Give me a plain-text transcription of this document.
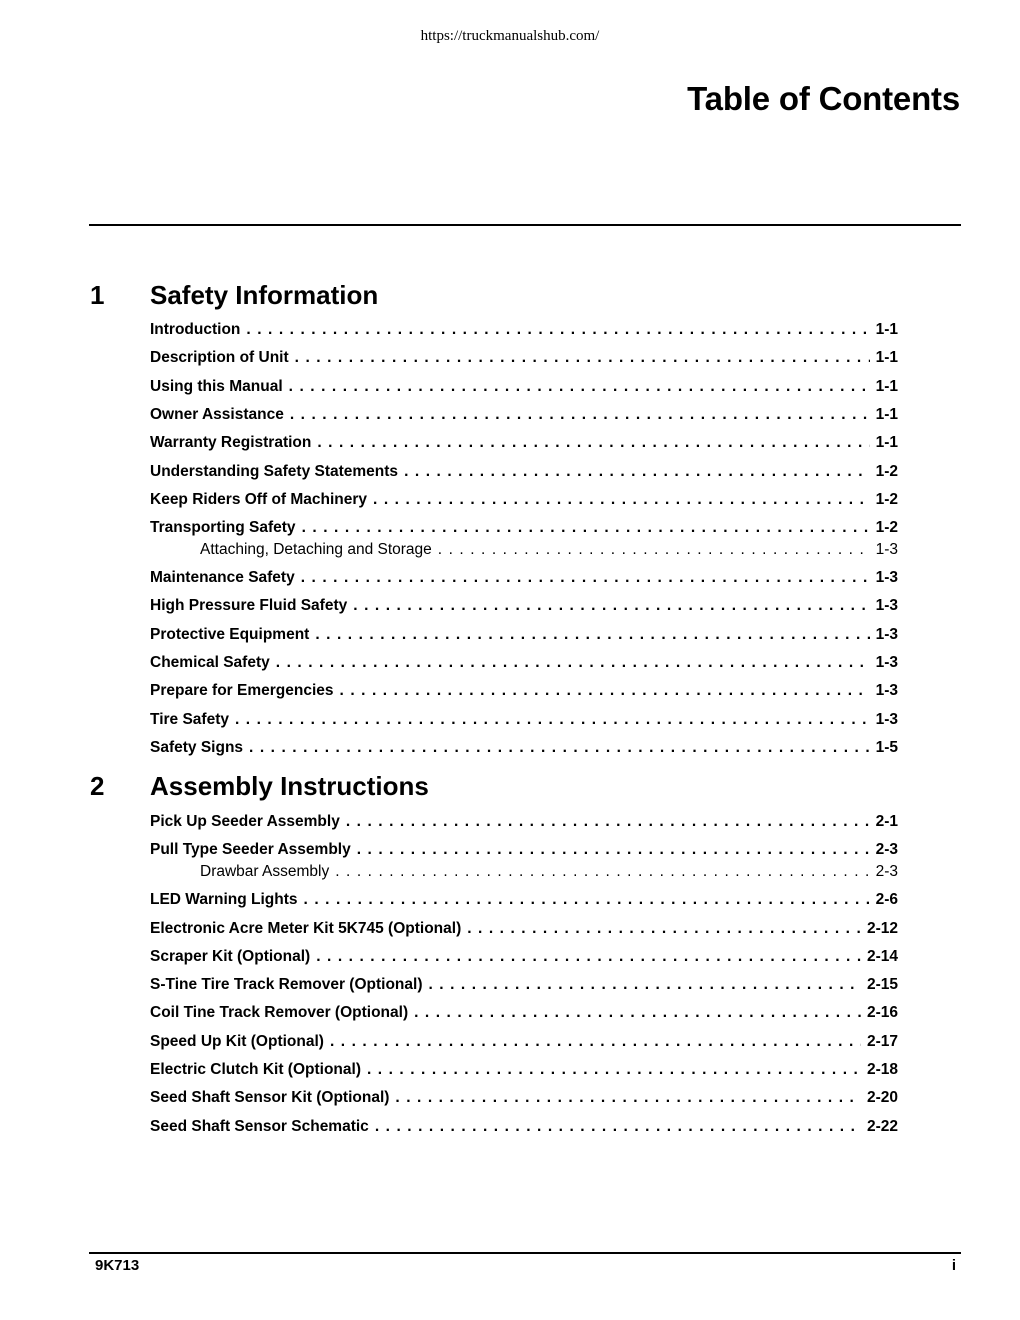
https://truckmanualshub.com/
Table of Contents
1 Safety Information
Introduction . . .	1-1
Description of Unit . . .	1-1
Using this Manual . . .	1-1
Owner Assistance . . .	1-1
Warranty Registration . . .	1-1
Understanding Safety Statements . . .	1-2
Keep Riders Off of Machinery . . .	1-2
Transporting Safety . . .	1-2
Attaching, Detaching and Storage . . .	1-3
Maintenance Safety . . .	1-3
High Pressure Fluid Safety . . .	1-3
Protective Equipment . . .	1-3
Chemical Safety . . .	1-3
Prepare for Emergencies . . .	1-3
Tire Safety . . .	1-3
Safety Signs . . .	1-5
2 Assembly Instructions
Pick Up Seeder Assembly . . .	2-1
Pull Type Seeder Assembly . . .	2-3
Drawbar Assembly . . .	2-3
LED Warning Lights . . .	2-6
Electronic Acre Meter Kit 5K745 (Optional) . . .	2-12
Scraper Kit (Optional) . . .	2-14
S-Tine Tire Track Remover (Optional) . . .	2-15
Coil Tine Track Remover (Optional) . . .	2-16
Speed Up Kit (Optional) . . .	2-17
Electric Clutch Kit (Optional) . . .	2-18
Seed Shaft Sensor Kit (Optional) . . .	2-20
Seed Shaft Sensor Schematic . . .	2-22
9K713	i
